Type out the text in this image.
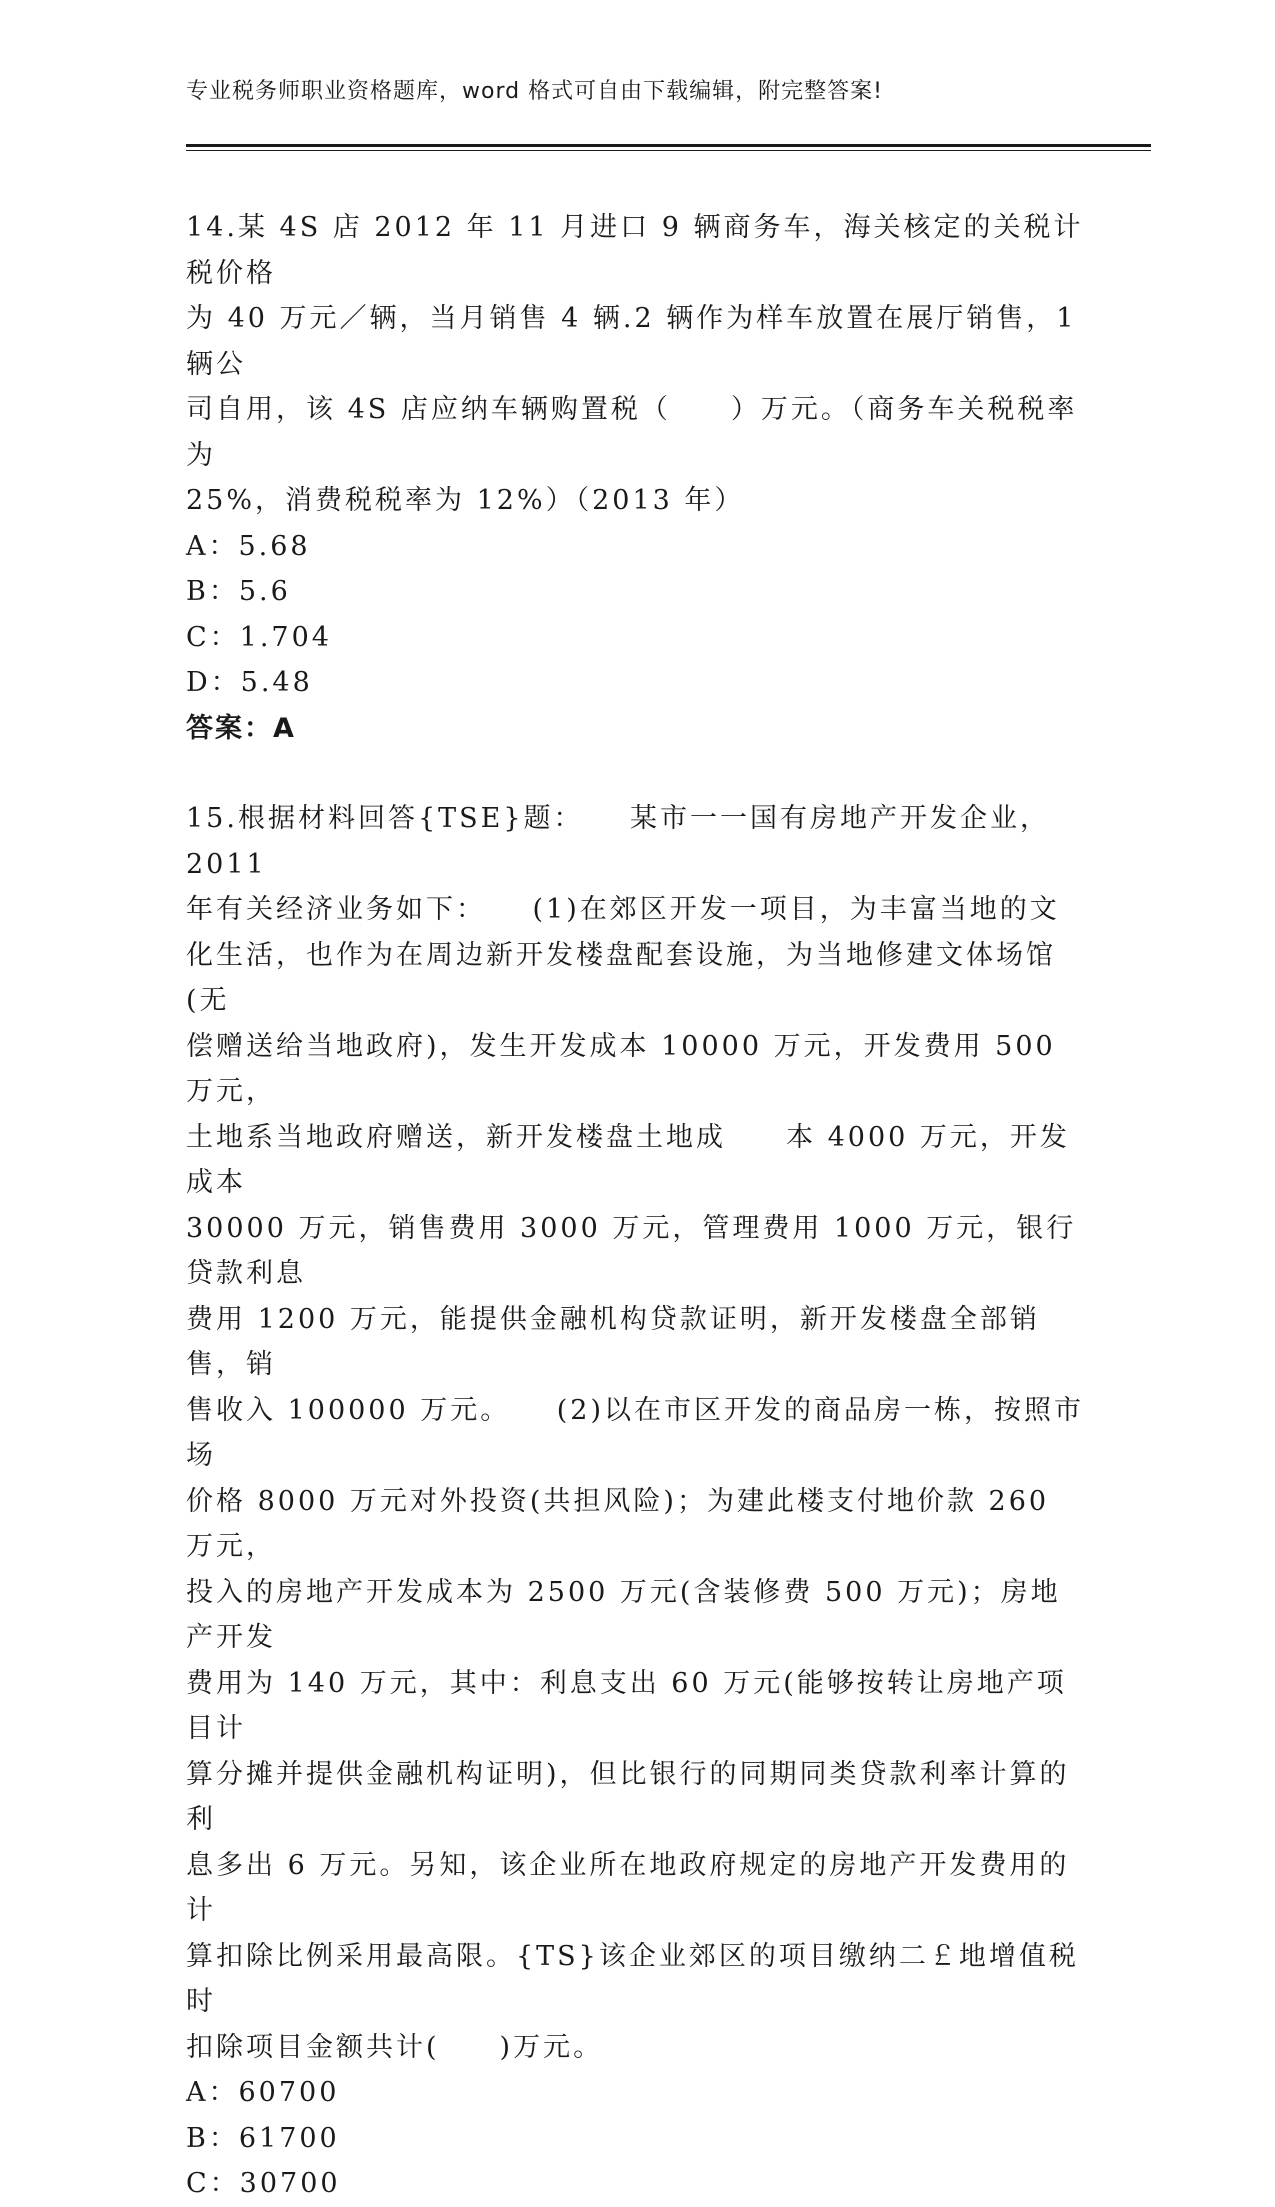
专业税务师职业资格题库，word 格式可自由下载编辑，附完整答案!

14.某 4S 店 2012 年 11 月进口 9 辆商务车，海关核定的关税计税价格
为 40 万元／辆，当月销售 4 辆.2 辆作为样车放置在展厅销售，1 辆公
司自用，该 4S 店应纳车辆购置税（　　）万元。（商务车关税税率为
25%，消费税税率为 12%）（2013 年）

A：5.68

B：5.6

C：1.704

D：5.48

答案：A

15.根据材料回答{TSE}题：　　某市一一国有房地产开发企业，2011
年有关经济业务如下：　　(1)在郊区开发一项目，为丰富当地的文
化生活，也作为在周边新开发楼盘配套设施，为当地修建文体场馆(无
偿赠送给当地政府)，发生开发成本 10000 万元，开发费用 500 万元，
土地系当地政府赠送，新开发楼盘土地成　　本 4000 万元，开发成本
30000 万元，销售费用 3000 万元，管理费用 1000 万元，银行贷款利息
费用 1200 万元，能提供金融机构贷款证明，新开发楼盘全部销售，销
售收入 100000 万元。　　(2)以在市区开发的商品房一栋，按照市场
价格 8000 万元对外投资(共担风险)；为建此楼支付地价款 260 万元，
投入的房地产开发成本为 2500 万元(含装修费 500 万元)；房地产开发
费用为 140 万元，其中：利息支出 60 万元(能够按转让房地产项目计
算分摊并提供金融机构证明)，但比银行的同期同类贷款利率计算的利
息多出 6 万元。另知，该企业所在地政府规定的房地产开发费用的计
算扣除比例采用最高限。{TS}该企业郊区的项目缴纳二￡地增值税时
扣除项目金额共计(　　)万元。

A：60700

B：61700

C：30700
